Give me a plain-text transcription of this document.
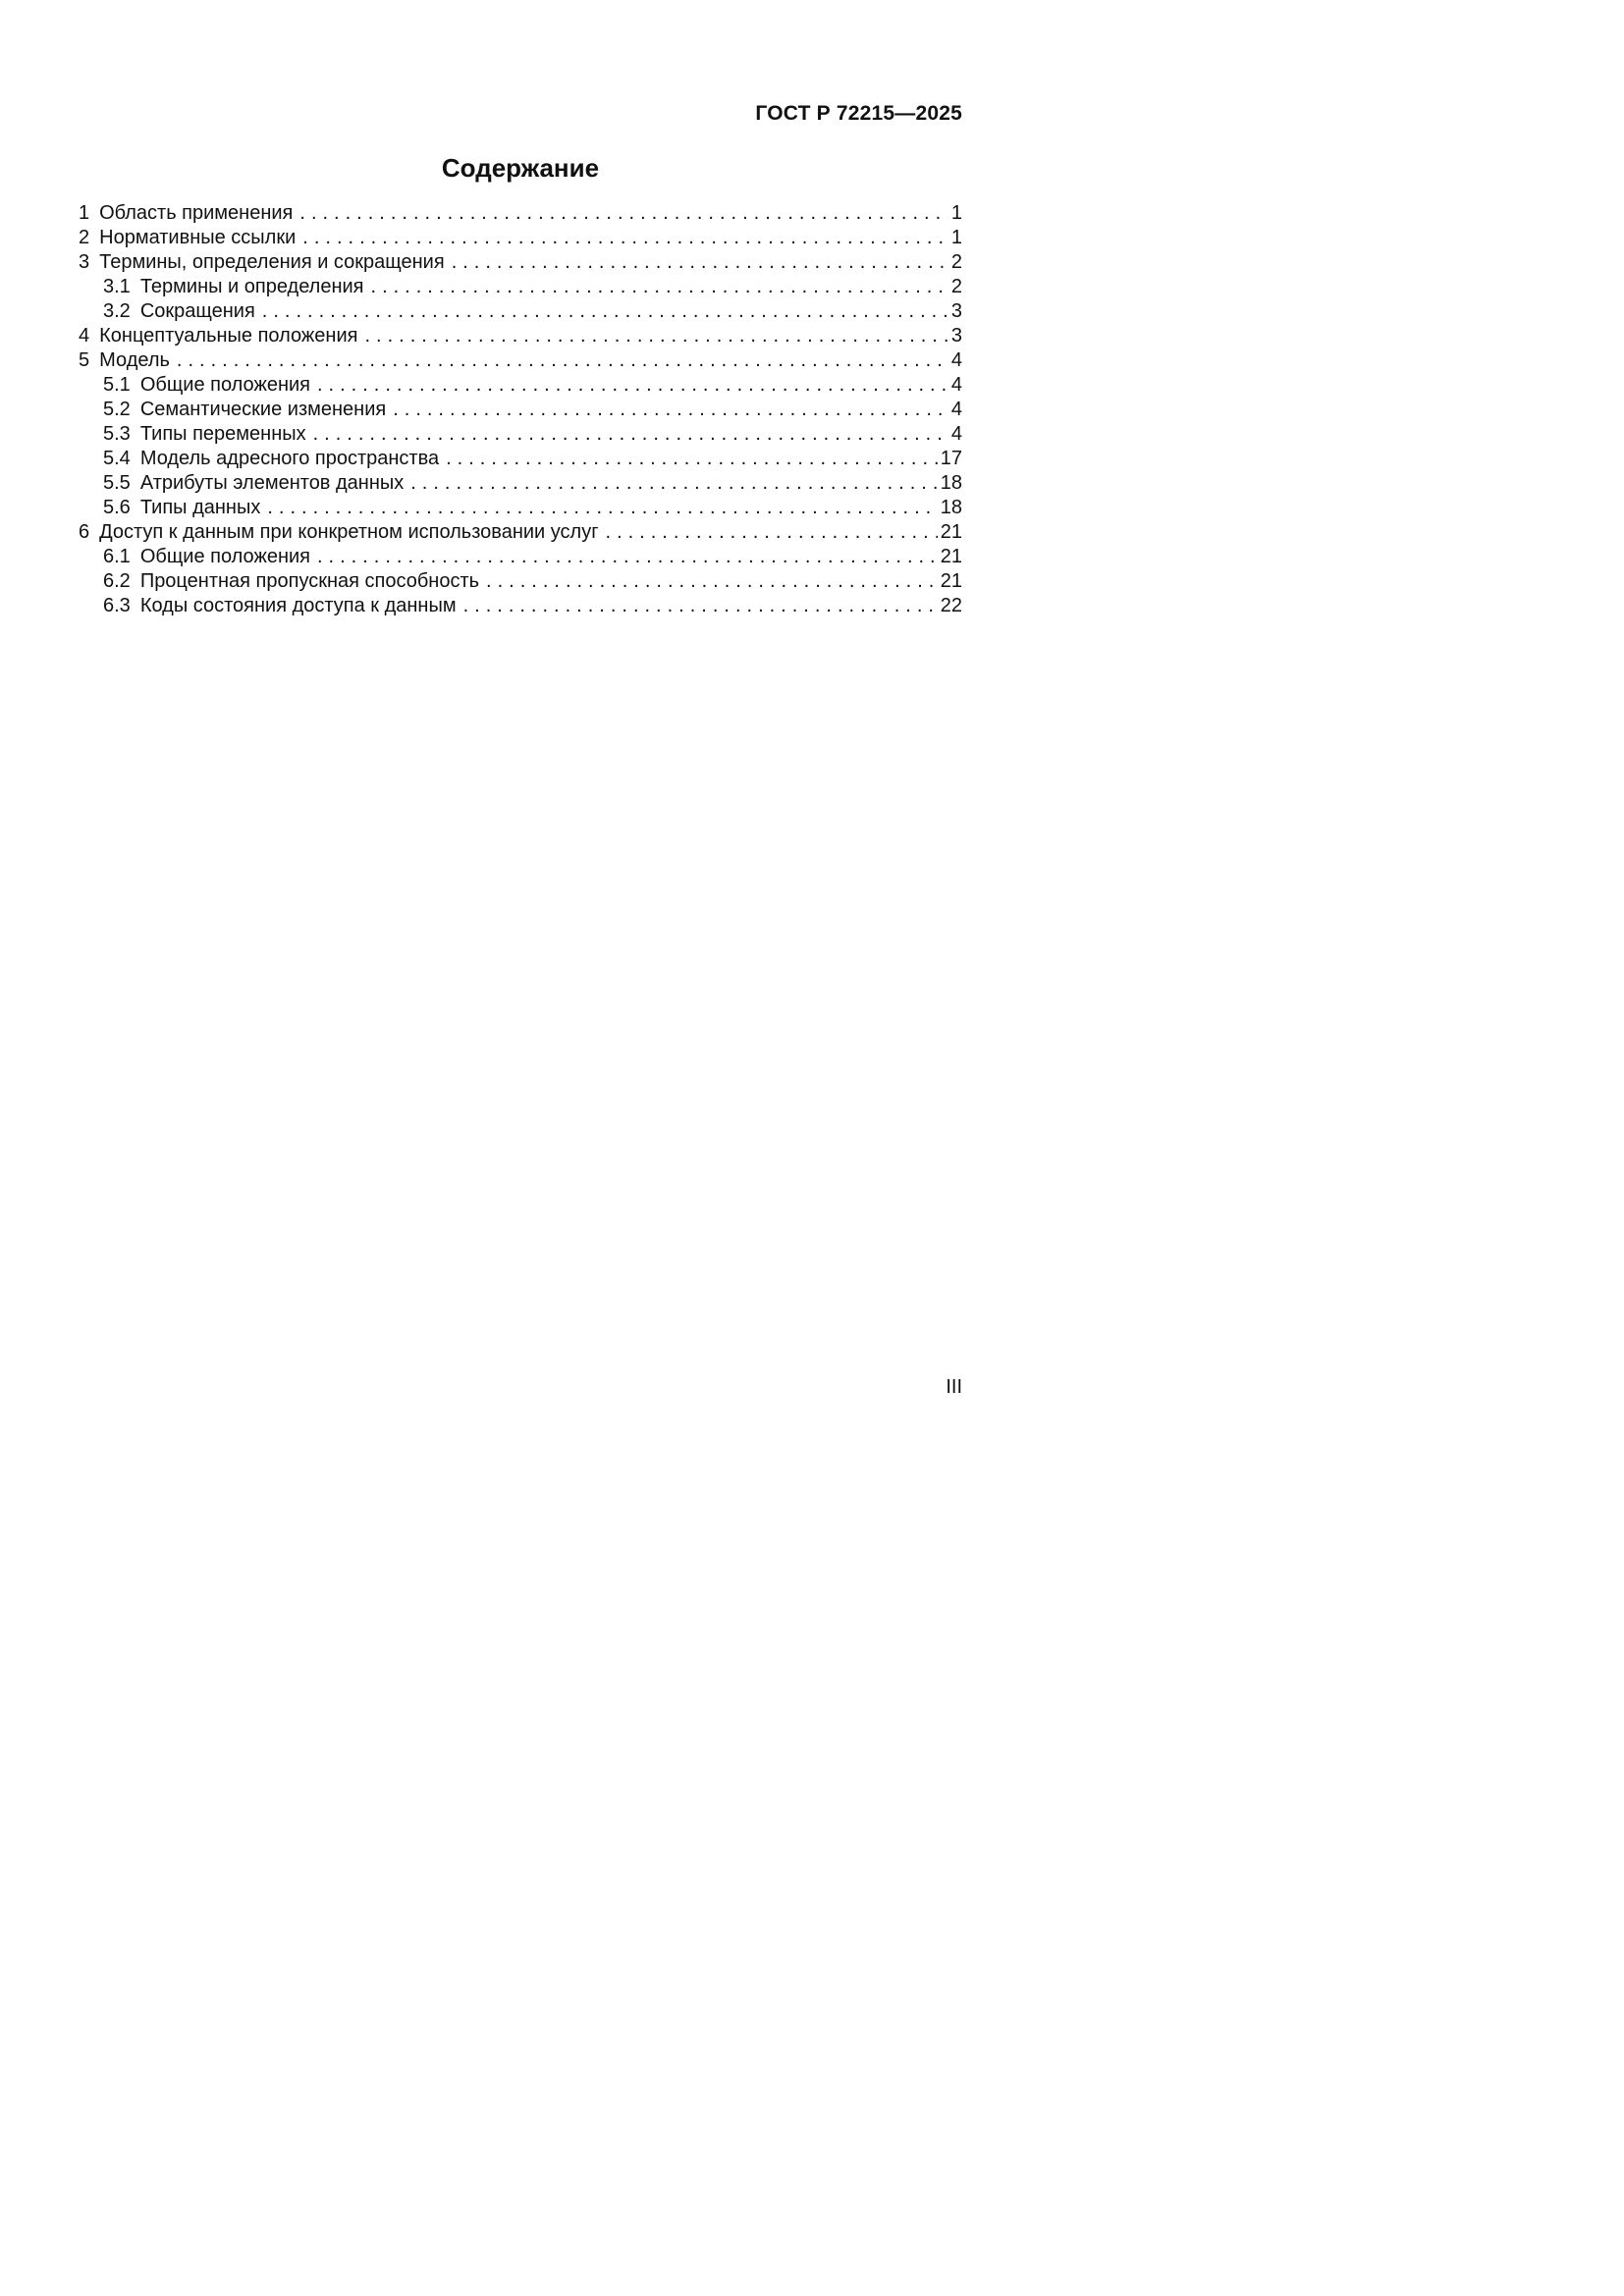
ГОСТ Р 72215—2025
Содержание
1 Область применения .....	1
2 Нормативные ссылки .....	1
3 Термины, определения и сокращения .....	2
3.1 Термины и определения .....	2
3.2 Сокращения .....	3
4 Концептуальные положения .....	3
5 Модель .....	4
5.1 Общие положения .....	4
5.2 Семантические изменения .....	4
5.3 Типы переменных .....	4
5.4 Модель адресного пространства .....	17
5.5 Атрибуты элементов данных .....	18
5.6 Типы данных .....	18
6 Доступ к данным при конкретном использовании услуг .....	21
6.1 Общие положения .....	21
6.2 Процентная пропускная способность .....	21
6.3 Коды состояния доступа к данным .....	22
III
